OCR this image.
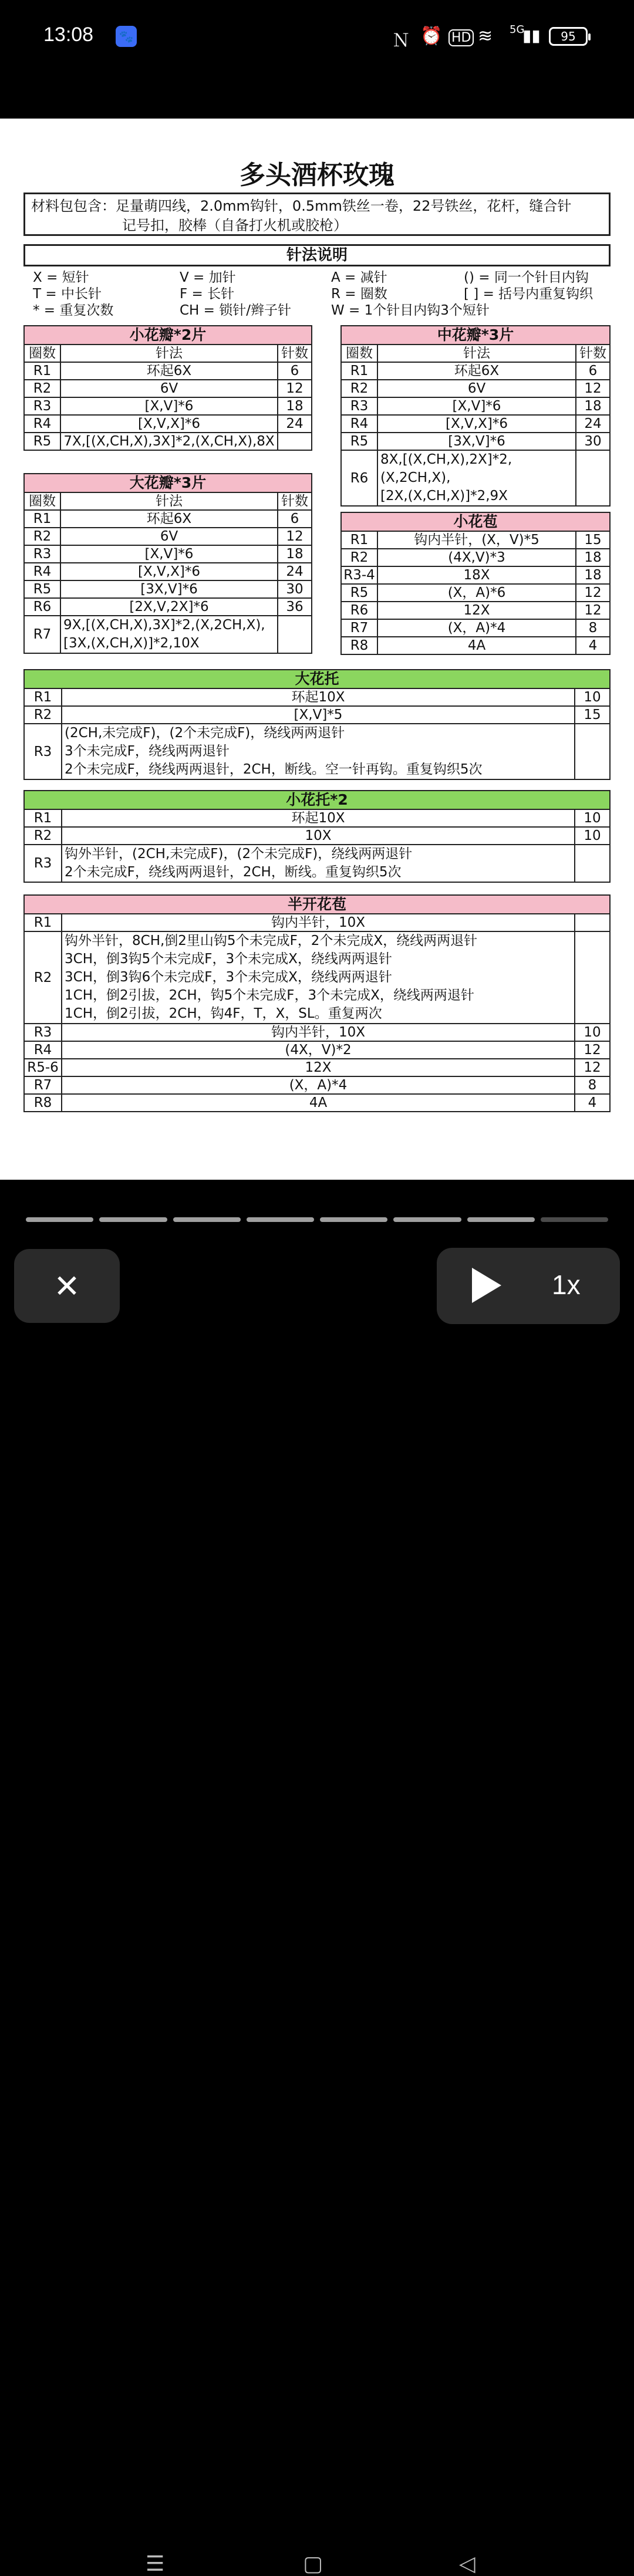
13:08 🐾	Ｎ ⏰ HD ≋ 5G
▮▮	95
多头酒杯玫瑰
材料包包含：足量萌四线，2.0mm钩针，0.5mm铁丝一卷，22号铁丝，花杆，缝合针
记号扣，胶棒（自备打火机或胶枪）
针法说明
X = 短针	V = 加针	A = 减针	() = 同一个针目内钩
T = 中长针	F = 长针	R = 圈数	[ ] = 括号内重复钩织
* = 重复次数	CH = 锁针/辫子针	W = 1个针目内钩3个短针
小花瓣*2片		
圈数	针法	针数
R1	环起6X	6
R2	6V	12
R3	[X,V]*6	18
R4	[X,V,X]*6	24
R5	7X,[(X,CH,X),3X]*2,(X,CH,X),8X	
中花瓣*3片		
圈数	针法	针数
R1	环起6X	6
R2	6V	12
R3	[X,V]*6	18
R4	[X,V,X]*6	24
R5	[3X,V]*6	30
R6	8X,[(X,CH,X),2X]*2,(X,2CH,X),
[2X,(X,CH,X)]*2,9X	
大花瓣*3片		
圈数	针法	针数
R1	环起6X	6
R2	6V	12
R3	[X,V]*6	18
R4	[X,V,X]*6	24
R5	[3X,V]*6	30
R6	[2X,V,2X]*6	36
R7	9X,[(X,CH,X),3X]*2,(X,2CH,X),
[3X,(X,CH,X)]*2,10X	
小花苞		
R1	钩内半针，(X，V)*5	15
R2	(4X,V)*3	18
R3-4	18X	18
R5	(X，A)*6	12
R6	12X	12
R7	(X，A)*4	8
R8	4A	4
大花托		
R1	环起10X	10
R2	[X,V]*5	15
R3	(2CH,未完成F)，(2个未完成F)，绕线两两退针
3个未完成F，绕线两两退针
2个未完成F，绕线两两退针，2CH，断线。空一针再钩。重复钩织5次	
小花托*2		
R1	环起10X	10
R2	10X	10
R3	钩外半针，(2CH,未完成F)，(2个未完成F)，绕线两两退针
2个未完成F，绕线两两退针，2CH，断线。重复钩织5次	
半开花苞		
R1	钩内半针，10X	
R2	钩外半针，8CH,倒2里山钩5个未完成F，2个未完成X，绕线两两退针
3CH，倒3钩5个未完成F，3个未完成X，绕线两两退针
3CH，倒3钩6个未完成F，3个未完成X，绕线两两退针
1CH，倒2引拔，2CH，钩5个未完成F，3个未完成X，绕线两两退针
1CH，倒2引拔，2CH，钩4F，T，X，SL。重复两次	
R3	钩内半针，10X	10
R4	(4X，V)*2	12
R5-6	12X	12
R7	(X，A)*4	8
R8	4A	4
✕	1x
☰	▢	◁
